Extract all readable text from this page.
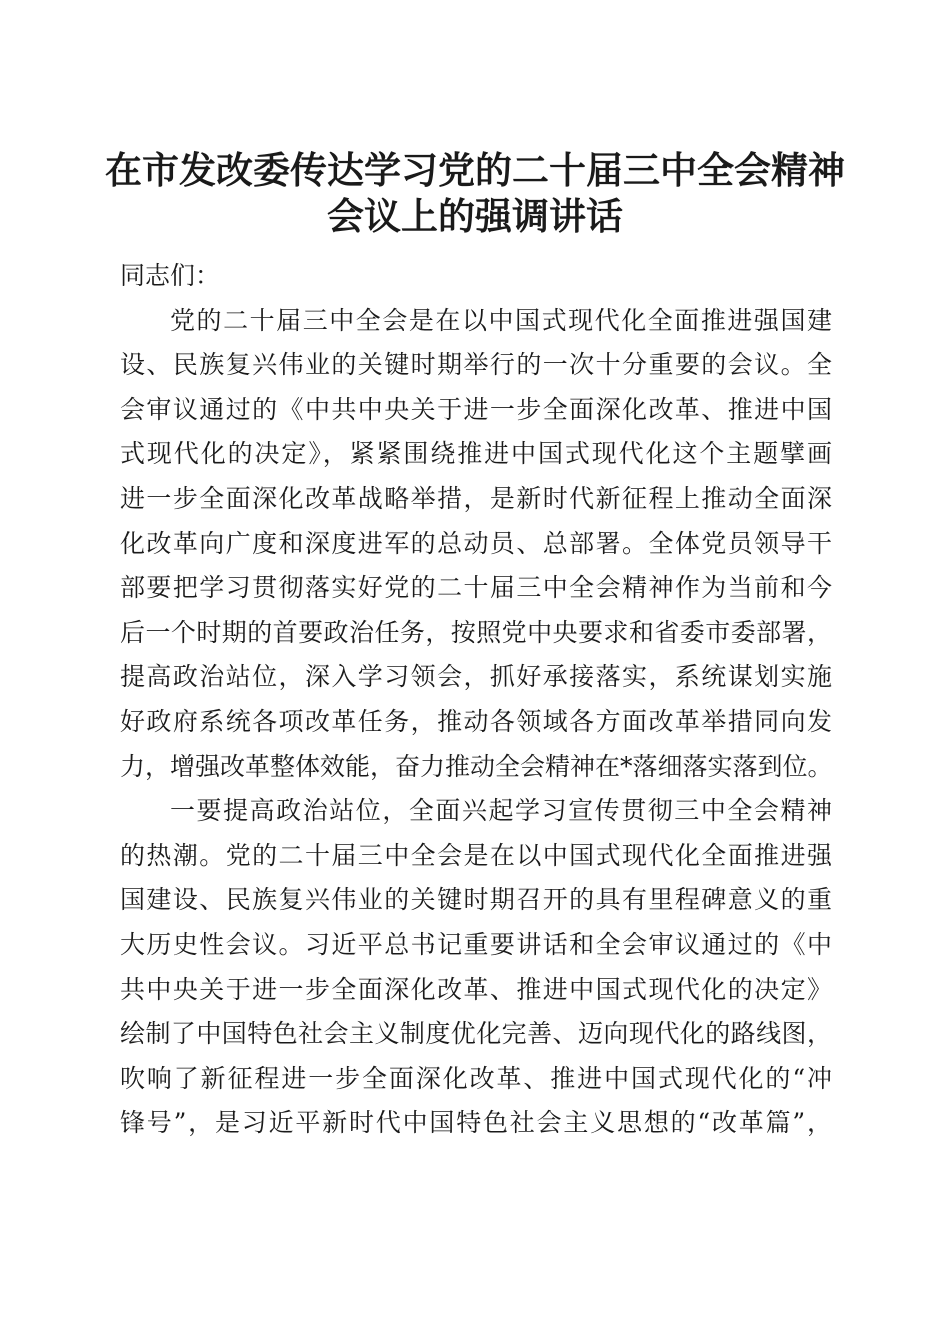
在市发改委传达学习党的二十届三中全会精神
会议上的强调讲话
同志们：
党的二十届三中全会是在以中国式现代化全面推进强国建
设、民族复兴伟业的关键时期举行的一次十分重要的会议。全
会审议通过的《中共中央关于进一步全面深化改革、推进中国
式现代化的决定》，紧紧围绕推进中国式现代化这个主题擘画
进一步全面深化改革战略举措，是新时代新征程上推动全面深
化改革向广度和深度进军的总动员、总部署。全体党员领导干
部要把学习贯彻落实好党的二十届三中全会精神作为当前和今
后一个时期的首要政治任务，按照党中央要求和省委市委部署，
提高政治站位，深入学习领会，抓好承接落实，系统谋划实施
好政府系统各项改革任务，推动各领域各方面改革举措同向发
力，增强改革整体效能，奋力推动全会精神在*落细落实落到位。
一要提高政治站位，全面兴起学习宣传贯彻三中全会精神
的热潮。党的二十届三中全会是在以中国式现代化全面推进强
国建设、民族复兴伟业的关键时期召开的具有里程碑意义的重
大历史性会议。习近平总书记重要讲话和全会审议通过的《中
共中央关于进一步全面深化改革、推进中国式现代化的决定》
绘制了中国特色社会主义制度优化完善、迈向现代化的路线图，
吹响了新征程进一步全面深化改革、推进中国式现代化的“冲
锋号”，是习近平新时代中国特色社会主义思想的“改革篇”，
